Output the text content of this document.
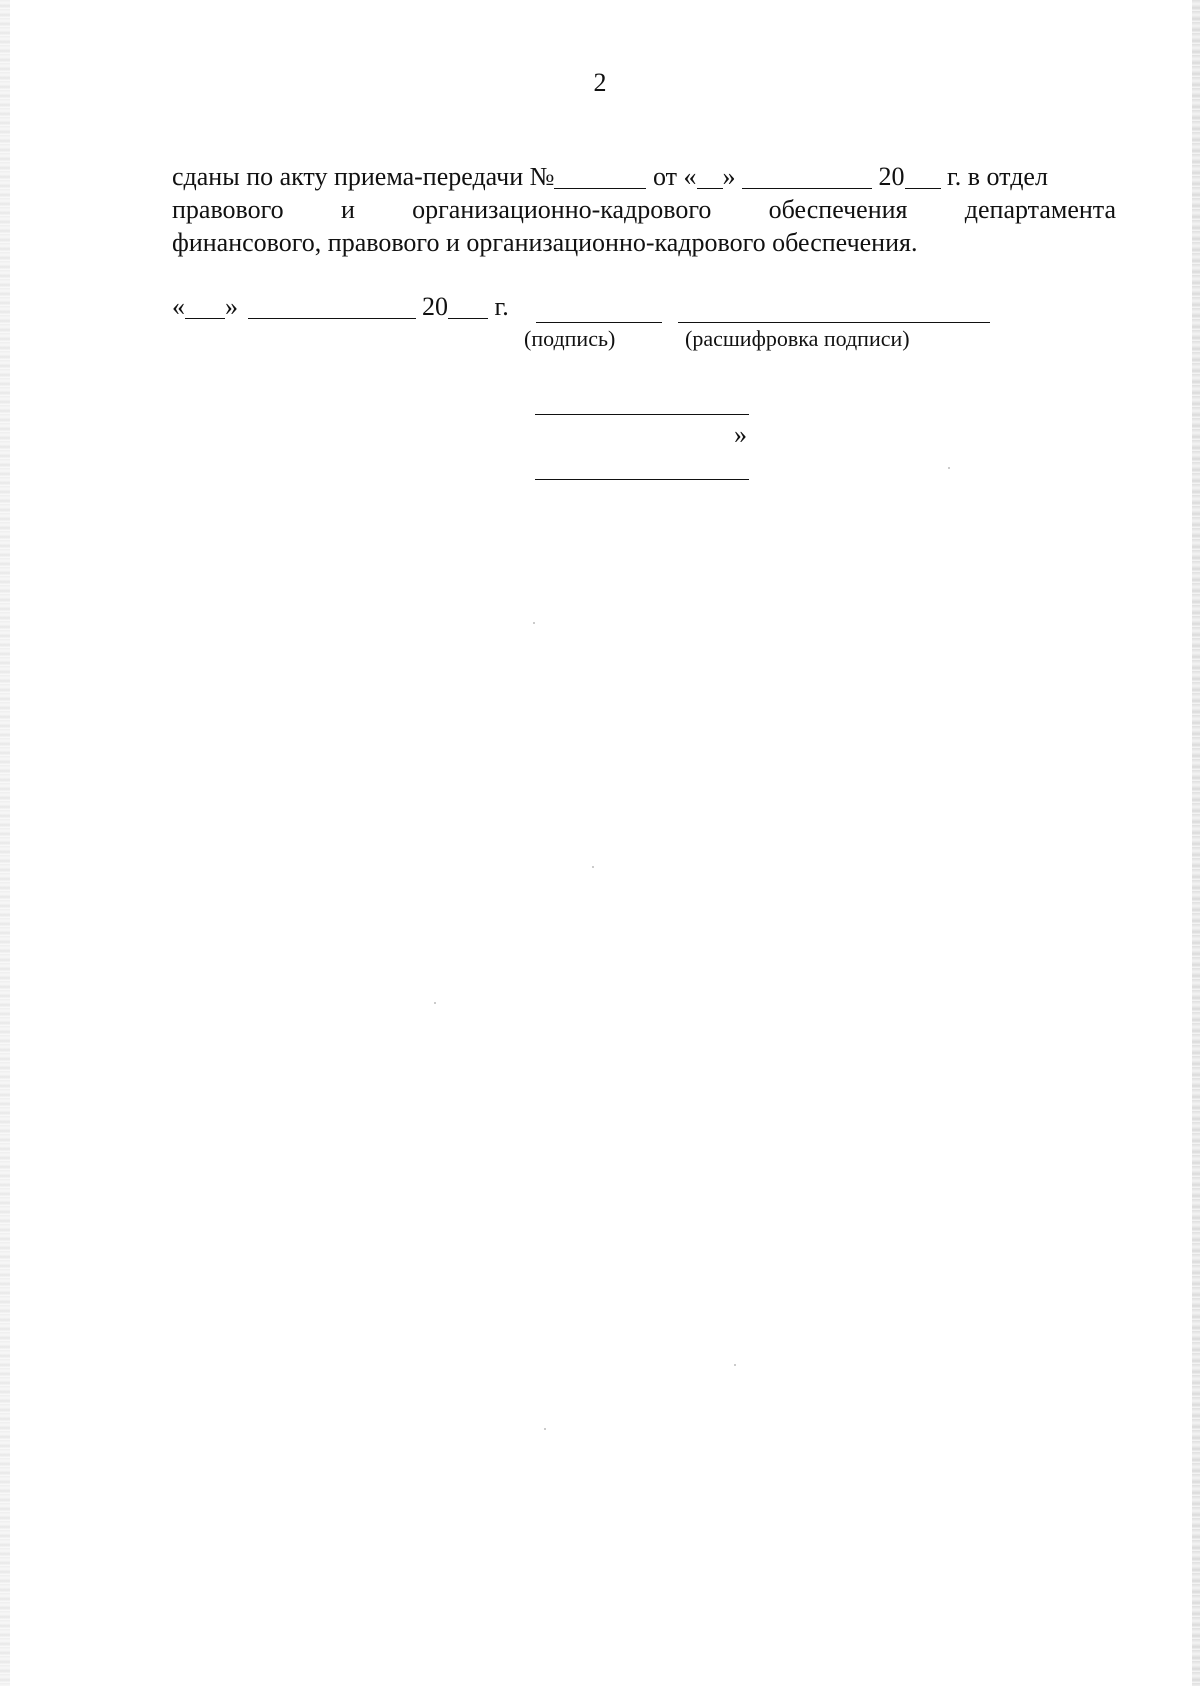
2
сданы по акту приема-передачи №	от « »	20 г. в отдел
правового и организационно-кадрового обеспечения департамента
финансового, правового и организационно-кадрового обеспечения.
« »	20 г.
(подпись)	(расшифровка подписи)
»
